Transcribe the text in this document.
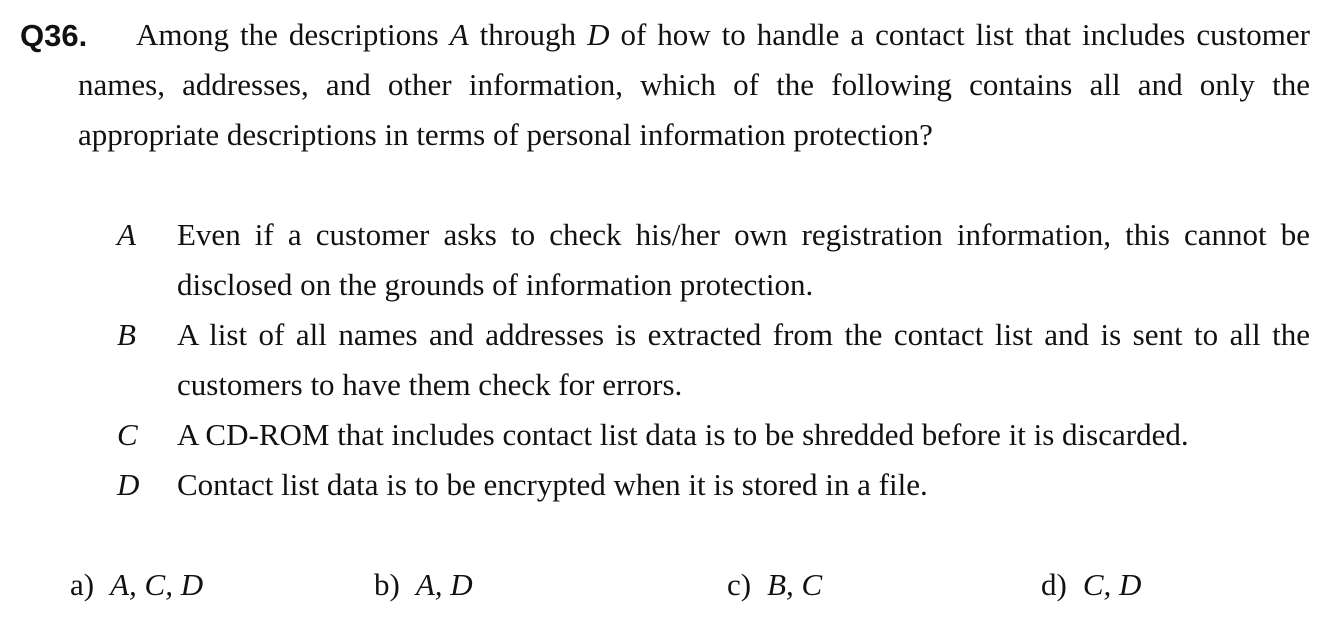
Q36.	Among the descriptions A through D of how to handle a contact list that includes customer names, addresses, and other information, which of the following contains all and only the appropriate descriptions in terms of personal information protection?

A	Even if a customer asks to check his/her own registration information, this cannot be disclosed on the grounds of information protection.
B	A list of all names and addresses is extracted from the contact list and is sent to all the customers to have them check for errors.
C	A CD-ROM that includes contact list data is to be shredded before it is discarded.
D Contact list data is to be encrypted when it is stored in a file.
a) A, C, D	b) A, D	c) B, C	d) C, D
